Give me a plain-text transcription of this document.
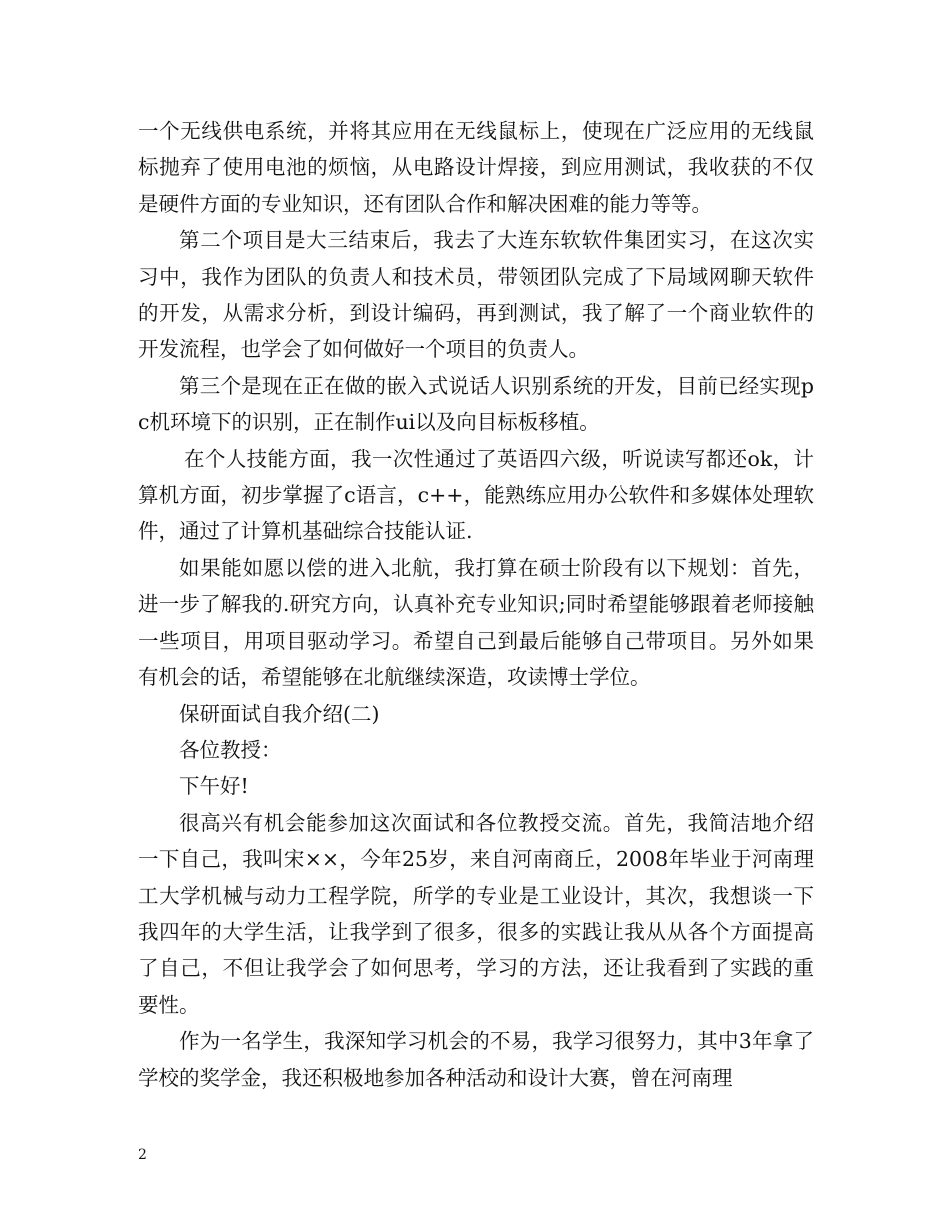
一个无线供电系统，并将其应用在无线鼠标上，使现在广泛应用的无线鼠标抛弃了使用电池的烦恼，从电路设计焊接，到应用测试，我收获的不仅是硬件方面的专业知识，还有团队合作和解决困难的能力等等。

第二个项目是大三结束后，我去了大连东软软件集团实习，在这次实习中，我作为团队的负责人和技术员，带领团队完成了下局域网聊天软件的开发，从需求分析，到设计编码，再到测试，我了解了一个商业软件的开发流程，也学会了如何做好一个项目的负责人。

第三个是现在正在做的嵌入式说话人识别系统的开发，目前已经实现pc机环境下的识别，正在制作ui以及向目标板移植。

在个人技能方面，我一次性通过了英语四六级，听说读写都还ok，计算机方面，初步掌握了c语言，c++，能熟练应用办公软件和多媒体处理软件，通过了计算机基础综合技能认证.

如果能如愿以偿的进入北航，我打算在硕士阶段有以下规划：首先，进一步了解我的.研究方向，认真补充专业知识;同时希望能够跟着老师接触一些项目，用项目驱动学习。希望自己到最后能够自己带项目。另外如果有机会的话，希望能够在北航继续深造，攻读博士学位。

保研面试自我介绍(二)

各位教授：

下午好!

很高兴有机会能参加这次面试和各位教授交流。首先，我简洁地介绍一下自己，我叫宋××，今年25岁，来自河南商丘，2008年毕业于河南理工大学机械与动力工程学院，所学的专业是工业设计，其次，我想谈一下我四年的大学生活，让我学到了很多，很多的实践让我从从各个方面提高了自己，不但让我学会了如何思考，学习的方法，还让我看到了实践的重要性。

作为一名学生，我深知学习机会的不易，我学习很努力，其中3年拿了学校的奖学金，我还积极地参加各种活动和设计大赛，曾在河南理

2
